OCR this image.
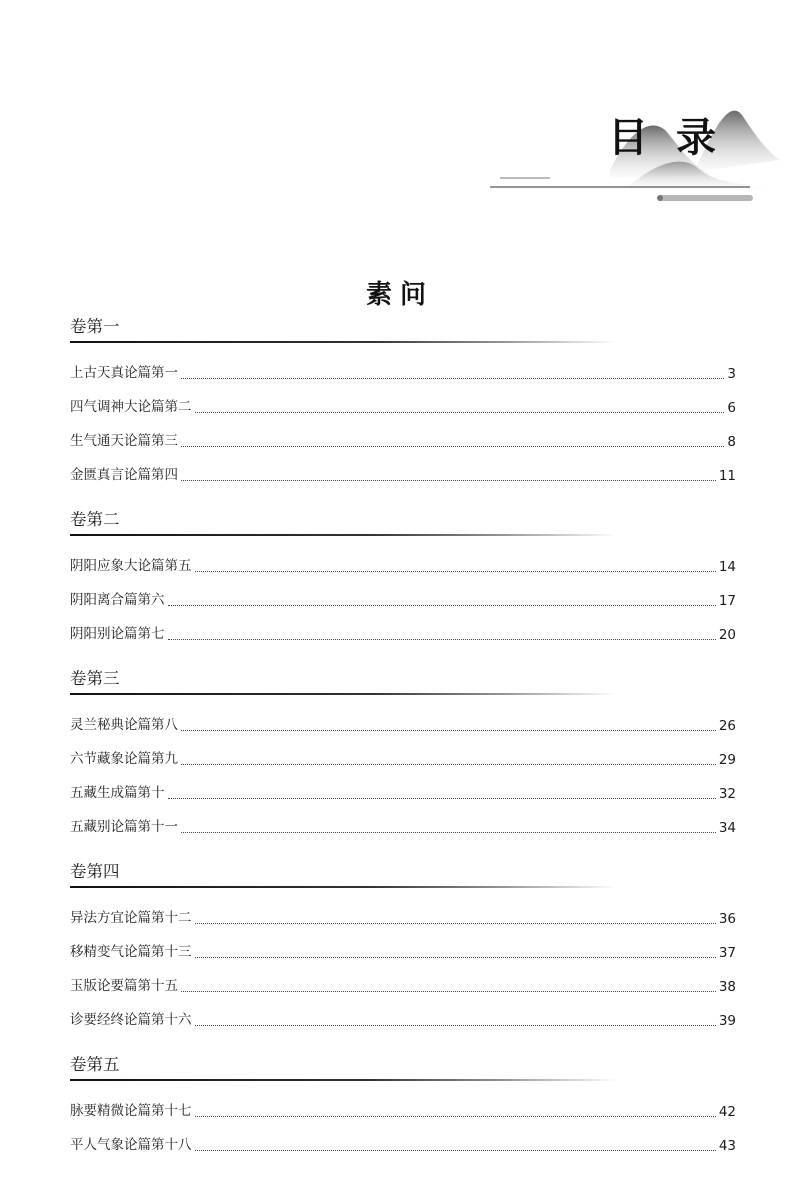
目录
素问
卷第一
上古天真论篇第一	3
四气调神大论篇第二	6
生气通天论篇第三	8
金匮真言论篇第四	11
卷第二
阴阳应象大论篇第五	14
阴阳离合篇第六	17
阴阳别论篇第七	20
卷第三
灵兰秘典论篇第八	26
六节藏象论篇第九	29
五藏生成篇第十	32
五藏别论篇第十一	34
卷第四
异法方宜论篇第十二	36
移精变气论篇第十三	37
玉版论要篇第十五	38
诊要经终论篇第十六	39
卷第五
脉要精微论篇第十七	42
平人气象论篇第十八	43
